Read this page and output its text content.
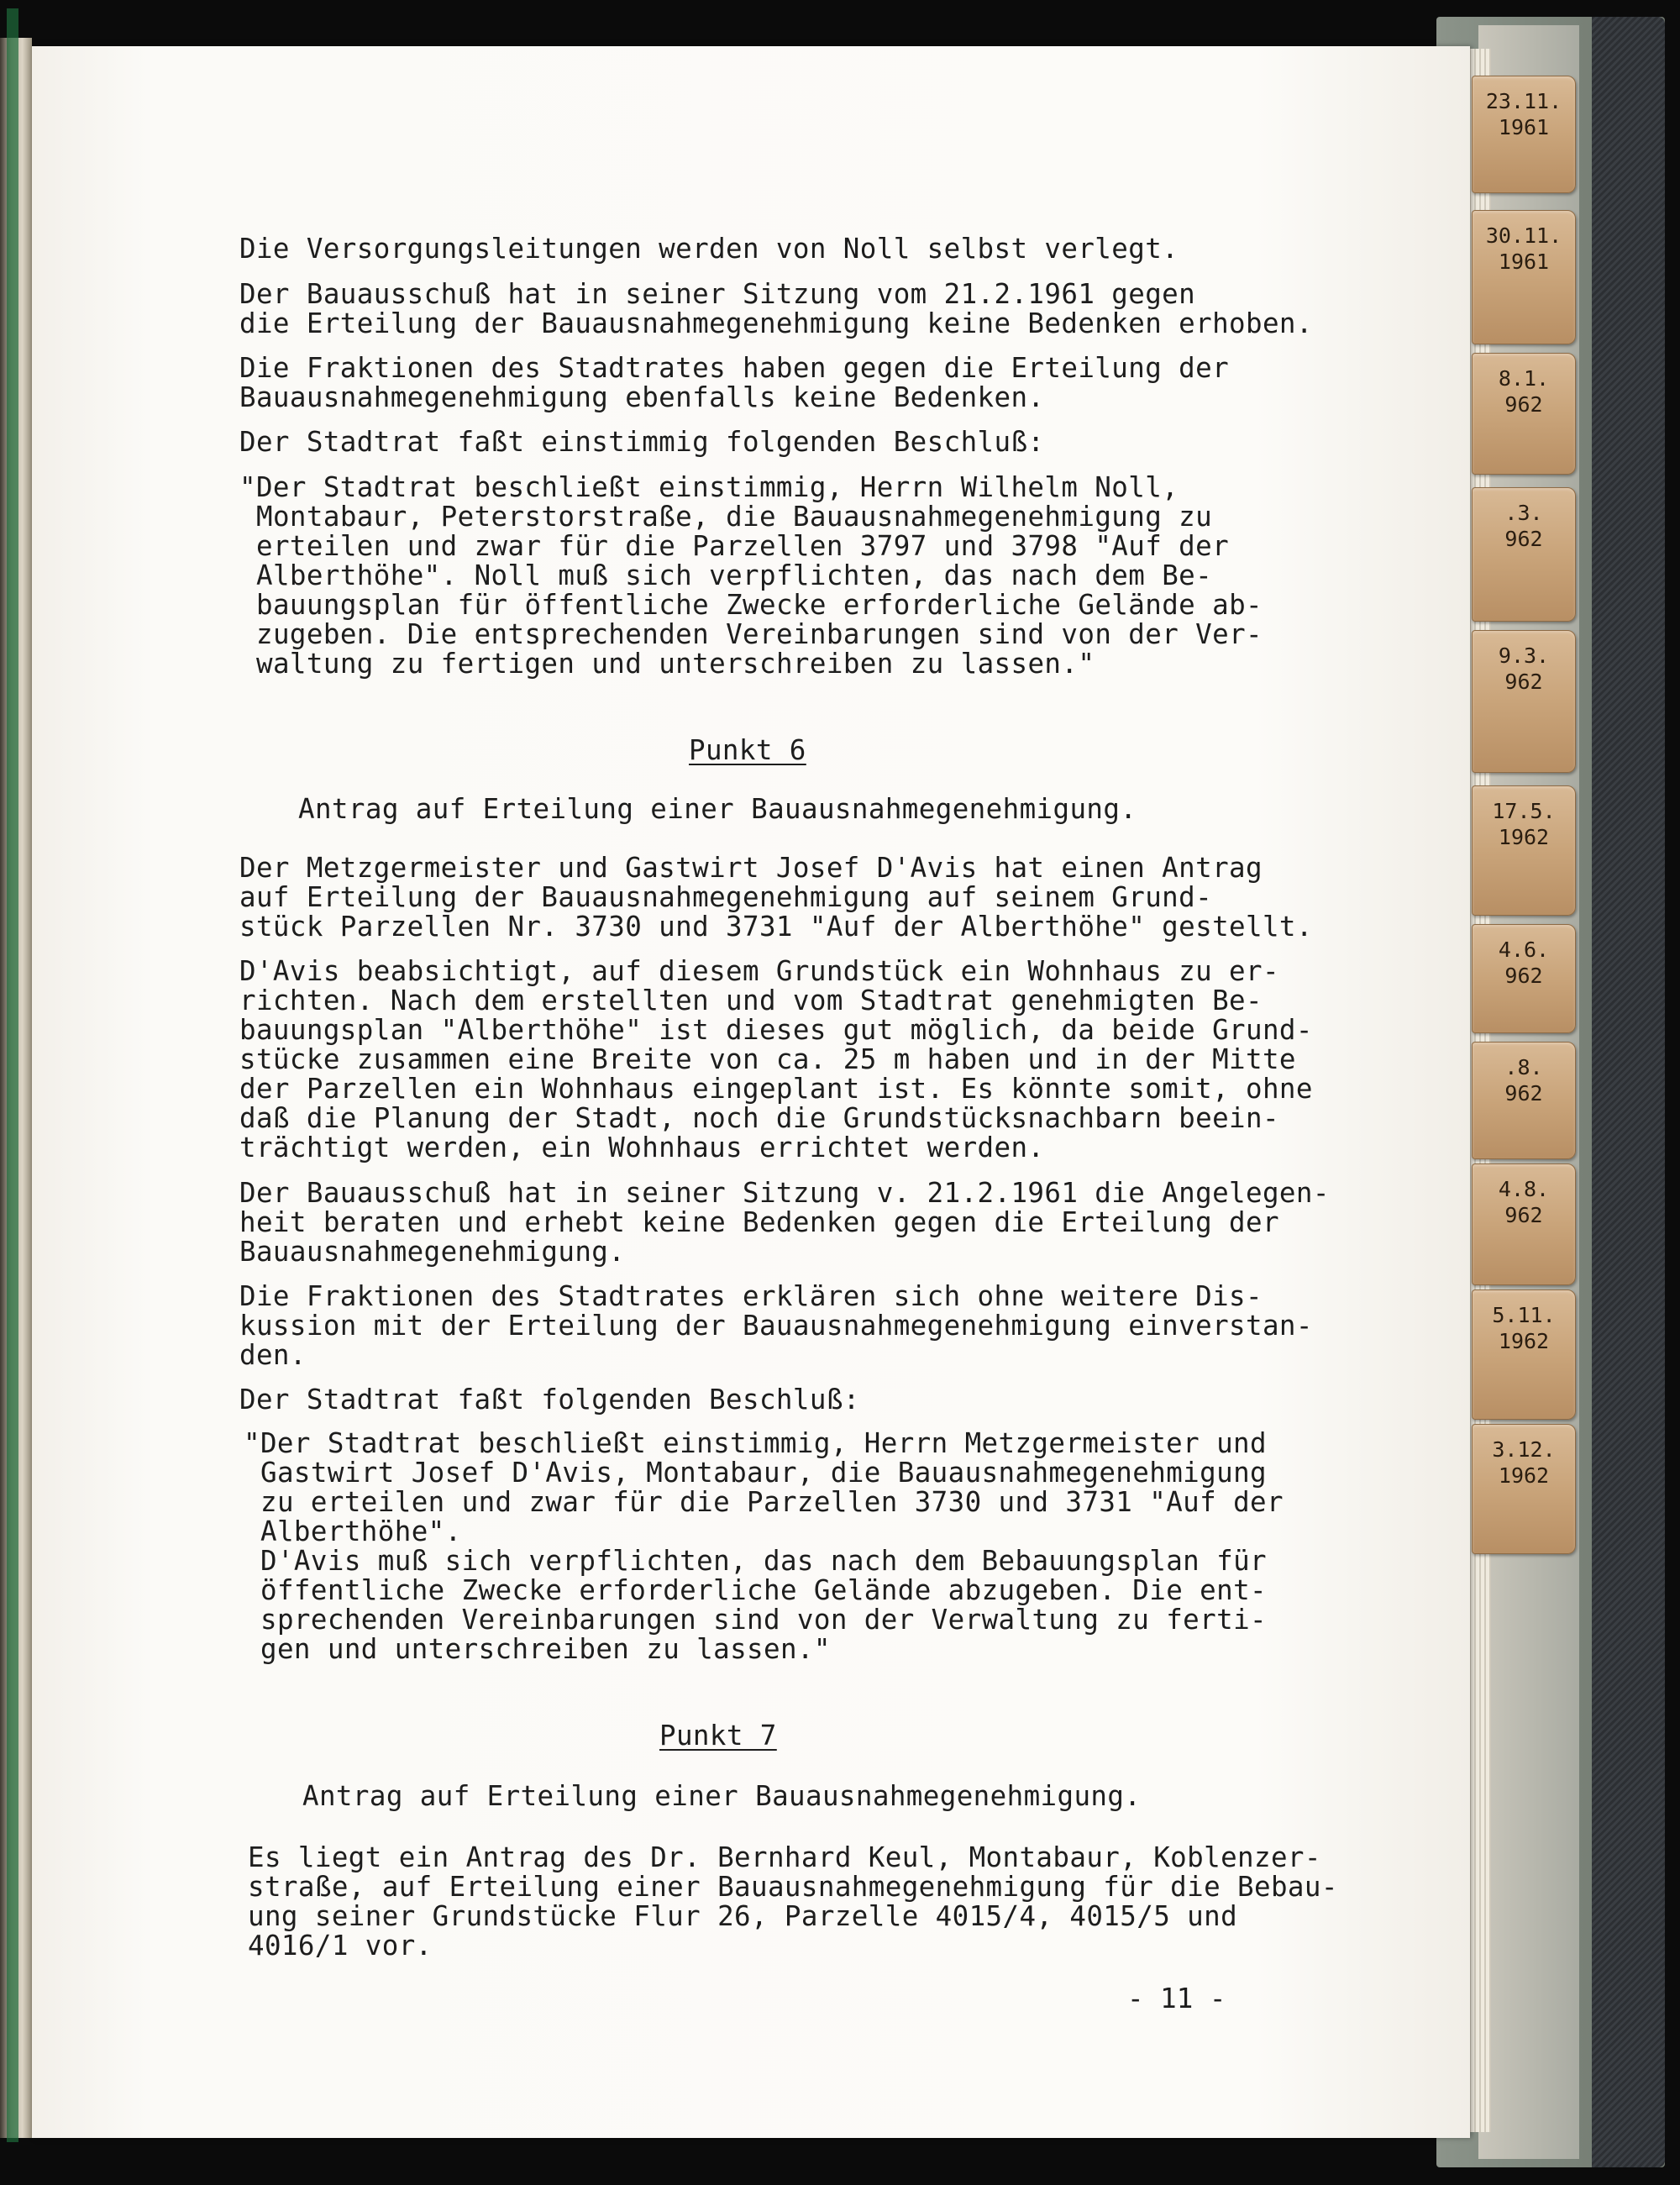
23.11.
1961
30.11.
1961
8.1.
962
.3.
962
9.3.
962
17.5.
1962
4.6.
962
.8.
962
4.8.
962
5.11.
1962
3.12.
1962

Die Versorgungsleitungen werden von Noll selbst verlegt.

Der Bauausschuß hat in seiner Sitzung vom 21.2.1961 gegen

die Erteilung der Bauausnahmegenehmigung keine Bedenken erhoben.

Die Fraktionen des Stadtrates haben gegen die Erteilung der

Bauausnahmegenehmigung ebenfalls keine Bedenken.

Der Stadtrat faßt einstimmig folgenden Beschluß:

"Der Stadtrat beschließt einstimmig, Herrn Wilhelm Noll,

Montabaur, Peterstorstraße, die Bauausnahmegenehmigung zu

erteilen und zwar für die Parzellen 3797 und 3798 "Auf der

Alberthöhe". Noll muß sich verpflichten, das nach dem Be-

bauungsplan für öffentliche Zwecke erforderliche Gelände ab-

zugeben. Die entsprechenden Vereinbarungen sind von der Ver-

waltung zu fertigen und unterschreiben zu lassen."

Punkt 6

Antrag auf Erteilung einer Bauausnahmegenehmigung.

Der Metzgermeister und Gastwirt Josef D'Avis hat einen Antrag

auf Erteilung der Bauausnahmegenehmigung auf seinem Grund-

stück Parzellen Nr. 3730 und 3731 "Auf der Alberthöhe" gestellt.

D'Avis beabsichtigt, auf diesem Grundstück ein Wohnhaus zu er-

richten. Nach dem erstellten und vom Stadtrat genehmigten Be-

bauungsplan "Alberthöhe" ist dieses gut möglich, da beide Grund-

stücke zusammen eine Breite von ca. 25 m haben und in der Mitte

der Parzellen ein Wohnhaus eingeplant ist. Es könnte somit, ohne

daß die Planung der Stadt, noch die Grundstücksnachbarn beein-

trächtigt werden, ein Wohnhaus errichtet werden.

Der Bauausschuß hat in seiner Sitzung v. 21.2.1961 die Angelegen-

heit beraten und erhebt keine Bedenken gegen die Erteilung der

Bauausnahmegenehmigung.

Die Fraktionen des Stadtrates erklären sich ohne weitere Dis-

kussion mit der Erteilung der Bauausnahmegenehmigung einverstan-

den.

Der Stadtrat faßt folgenden Beschluß:

"Der Stadtrat beschließt einstimmig, Herrn Metzgermeister und

Gastwirt Josef D'Avis, Montabaur, die Bauausnahmegenehmigung

zu erteilen und zwar für die Parzellen 3730 und 3731 "Auf der

Alberthöhe".

D'Avis muß sich verpflichten, das nach dem Bebauungsplan für

öffentliche Zwecke erforderliche Gelände abzugeben. Die ent-

sprechenden Vereinbarungen sind von der Verwaltung zu ferti-

gen und unterschreiben zu lassen."

Punkt 7

Antrag auf Erteilung einer Bauausnahmegenehmigung.

Es liegt ein Antrag des Dr. Bernhard Keul, Montabaur, Koblenzer-

straße, auf Erteilung einer Bauausnahmegenehmigung für die Bebau-

ung seiner Grundstücke Flur 26, Parzelle 4015/4, 4015/5 und

4016/1 vor.

- 11 -
